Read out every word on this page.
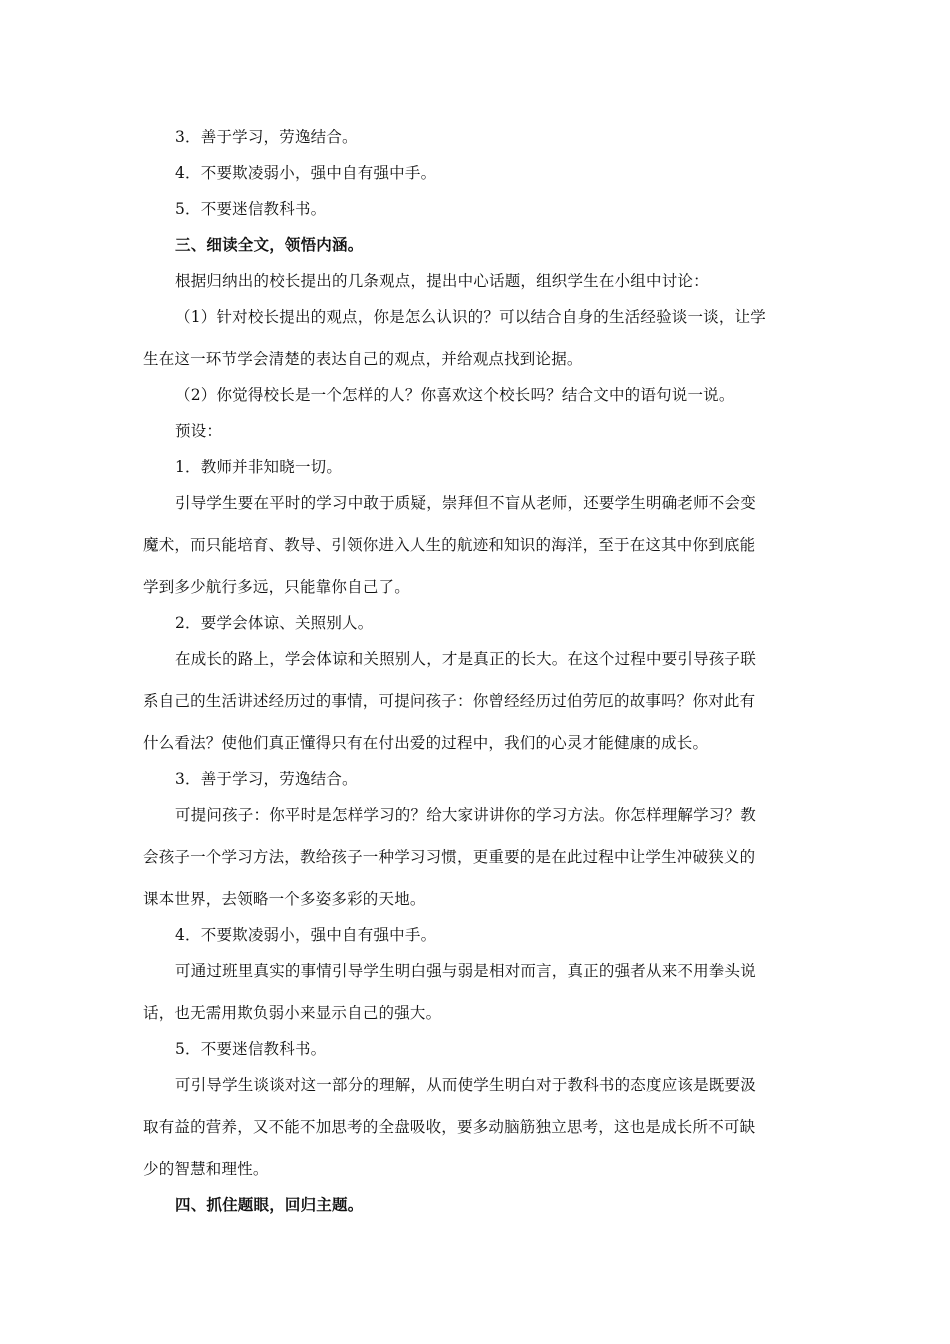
3．善于学习，劳逸结合。
4．不要欺凌弱小，强中自有强中手。
5．不要迷信教科书。
三、细读全文，领悟内涵。
根据归纳出的校长提出的几条观点，提出中心话题，组织学生在小组中讨论：
（1）针对校长提出的观点，你是怎么认识的？可以结合自身的生活经验谈一谈，让学
生在这一环节学会清楚的表达自己的观点，并给观点找到论据。
（2）你觉得校长是一个怎样的人？你喜欢这个校长吗？结合文中的语句说一说。
预设：
1．教师并非知晓一切。
引导学生要在平时的学习中敢于质疑，崇拜但不盲从老师，还要学生明确老师不会变
魔术，而只能培育、教导、引领你进入人生的航迹和知识的海洋，至于在这其中你到底能
学到多少航行多远，只能靠你自己了。
2．要学会体谅、关照别人。
在成长的路上，学会体谅和关照别人，才是真正的长大。在这个过程中要引导孩子联
系自己的生活讲述经历过的事情，可提问孩子：你曾经经历过伯劳厄的故事吗？你对此有
什么看法？使他们真正懂得只有在付出爱的过程中，我们的心灵才能健康的成长。
3．善于学习，劳逸结合。
可提问孩子：你平时是怎样学习的？给大家讲讲你的学习方法。你怎样理解学习？教
会孩子一个学习方法，教给孩子一种学习习惯，更重要的是在此过程中让学生冲破狭义的
课本世界，去领略一个多姿多彩的天地。
4．不要欺凌弱小，强中自有强中手。
可通过班里真实的事情引导学生明白强与弱是相对而言，真正的强者从来不用拳头说
话，也无需用欺负弱小来显示自己的强大。
5．不要迷信教科书。
可引导学生谈谈对这一部分的理解，从而使学生明白对于教科书的态度应该是既要汲
取有益的营养，又不能不加思考的全盘吸收，要多动脑筋独立思考，这也是成长所不可缺
少的智慧和理性。
四、抓住题眼，回归主题。
